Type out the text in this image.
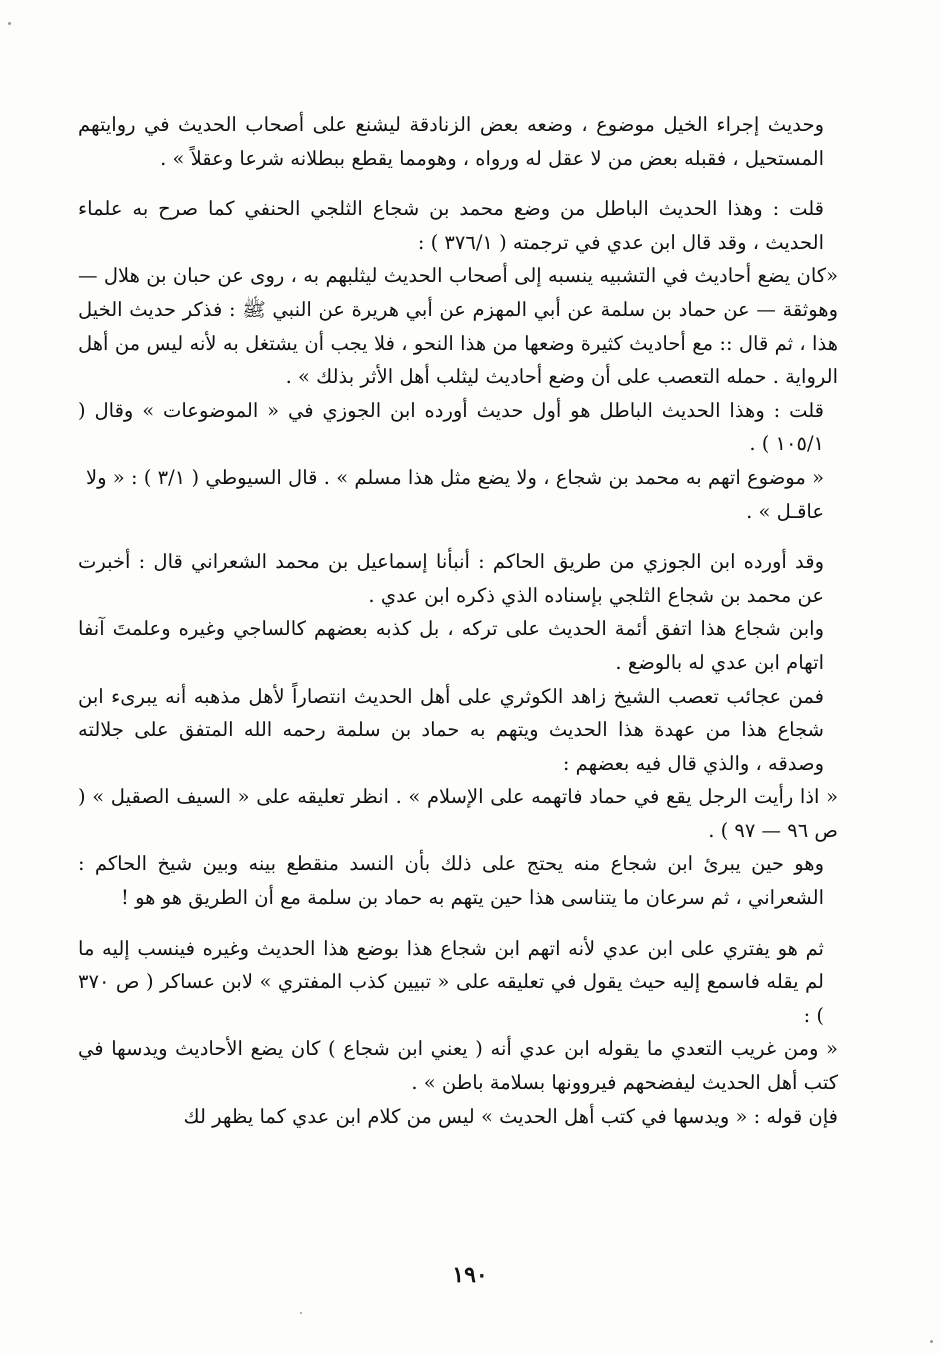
وحديث إجراء الخيل موضوع ، وضعه بعض الزنادقة ليشنع على أصحاب الحديث في روايتهم المستحيل ، فقبله بعض من لا عقل له ورواه ، وهومما يقطع ببطلانه شرعا وعقلاً » .

قلت : وهذا الحديث الباطل من وضع محمد بن شجاع الثلجي الحنفي كما صرح به علماء الحديث ، وقد قال ابن عدي في ترجمته ( ٣٧٦/١ ) :

«كان يضع أحاديث في التشبيه ينسبه إلى أصحاب الحديث ليثلبهم به ، روى عن حبان بن هلال — وهوثقة — عن حماد بن سلمة عن أبي المهزم عن أبي هريرة عن النبي ﷺ : فذكر حديث الخيل هذا ، ثم قال :: مع أحاديث كثيرة وضعها من هذا النحو ، فلا يجب أن يشتغل به لأنه ليس من أهل الرواية . حمله التعصب على أن وضع أحاديث ليثلب أهل الأثر بذلك » .

قلت : وهذا الحديث الباطل هو أول حديث أورده ابن الجوزي في « الموضوعات » وقال ( ١٠٥/١ ) .

« موضوع اتهم به محمد بن شجاع ، ولا يضع مثل هذا مسلم » . قال السيوطي ( ٣/١ ) : « ولا عاقـل » .

وقد أورده ابن الجوزي من طريق الحاكم : أنبأنا إسماعيل بن محمد الشعراني قال : أخبرت عن محمد بن شجاع الثلجي بإسناده الذي ذكره ابن عدي .

وابن شجاع هذا اتفق أئمة الحديث على تركه ، بل كذبه بعضهم كالساجي وغيره وعلمتَ آنفا اتهام ابن عدي له بالوضع .

فمن عجائب تعصب الشيخ زاهد الكوثري على أهل الحديث انتصاراً لأهل مذهبه أنه يبرىء ابن شجاع هذا من عهدة هذا الحديث ويتهم به حماد بن سلمة رحمه الله المتفق على جلالته وصدقه ، والذي قال فيه بعضهم :

« اذا رأيت الرجل يقع في حماد فاتهمه على الإسلام » . انظر تعليقه على « السيف الصقيل » ( ص ٩٦ — ٩٧ ) .

وهو حين يبرئ ابن شجاع منه يحتج على ذلك بأن النسد منقطع بينه وبين شيخ الحاكم : الشعراني ، ثم سرعان ما يتناسى هذا حين يتهم به حماد بن سلمة مع أن الطريق هو هو !

ثم هو يفتري على ابن عدي لأنه اتهم ابن شجاع هذا بوضع هذا الحديث وغيره فينسب إليه ما لم يقله فاسمع إليه حيث يقول في تعليقه على « تبيين كذب المفتري » لابن عساكر ( ص ٣٧٠ ) :

« ومن غريب التعدي ما يقوله ابن عدي أنه ( يعني ابن شجاع ) كان يضع الأحاديث ويدسها في كتب أهل الحديث ليفضحهم فيروونها بسلامة باطن » .

فإن قوله : « ويدسها في كتب أهل الحديث » ليس من كلام ابن عدي كما يظهر لك

١٩٠
